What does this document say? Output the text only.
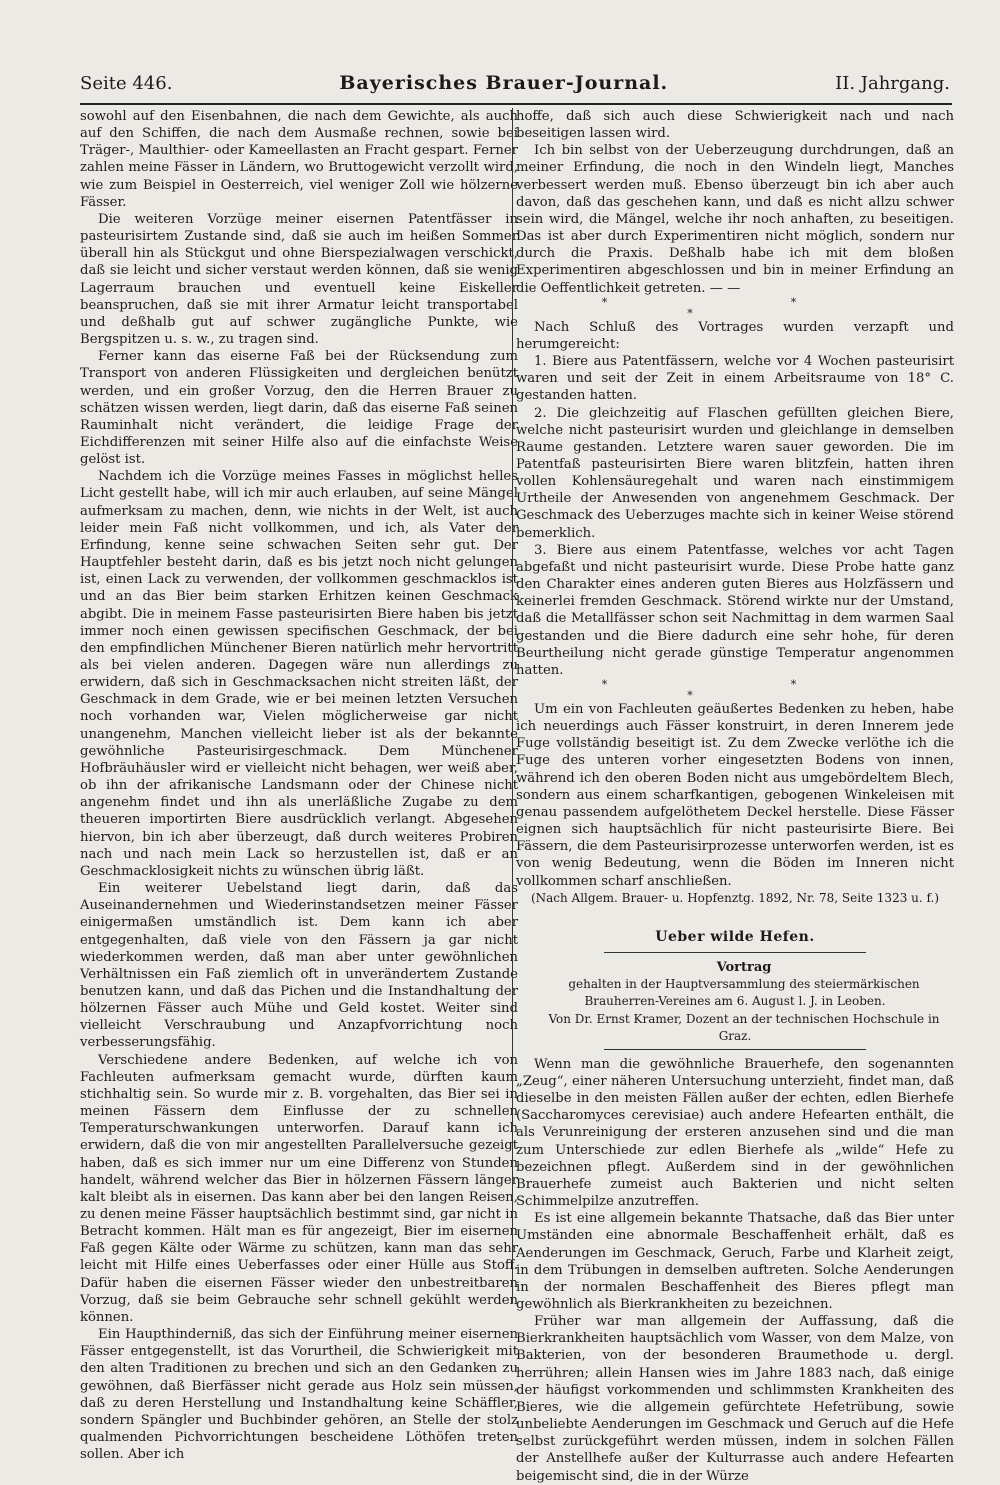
Seite 446.	Bayerisches Brauer-Journal.	II. Jahrgang.

sowohl auf den Eisenbahnen, die nach dem Gewichte, als auch auf den Schiffen, die nach dem Ausmaße rechnen, sowie bei Träger-, Maulthier- oder Kameellasten an Fracht gespart. Ferner zahlen meine Fässer in Ländern, wo Bruttogewicht verzollt wird, wie zum Beispiel in Oesterreich, viel weniger Zoll wie hölzerne Fässer.

Die weiteren Vorzüge meiner eisernen Patentfässer in pasteurisirtem Zustande sind, daß sie auch im heißen Sommer überall hin als Stückgut und ohne Bierspezialwagen verschickt, daß sie leicht und sicher verstaut werden können, daß sie wenig Lagerraum brauchen und eventuell keine Eiskeller beanspruchen, daß sie mit ihrer Armatur leicht transportabel und deßhalb gut auf schwer zugängliche Punkte, wie Bergspitzen u. s. w., zu tragen sind.

Ferner kann das eiserne Faß bei der Rücksendung zum Transport von anderen Flüssigkeiten und dergleichen benützt werden, und ein großer Vorzug, den die Herren Brauer zu schätzen wissen werden, liegt darin, daß das eiserne Faß seinen Rauminhalt nicht verändert, die leidige Frage der Eichdifferenzen mit seiner Hilfe also auf die einfachste Weise gelöst ist.

Nachdem ich die Vorzüge meines Fasses in möglichst helles Licht gestellt habe, will ich mir auch erlauben, auf seine Mängel aufmerksam zu machen, denn, wie nichts in der Welt, ist auch leider mein Faß nicht vollkommen, und ich, als Vater der Erfindung, kenne seine schwachen Seiten sehr gut. Der Hauptfehler besteht darin, daß es bis jetzt noch nicht gelungen ist, einen Lack zu verwenden, der vollkommen geschmacklos ist und an das Bier beim starken Erhitzen keinen Geschmack abgibt. Die in meinem Fasse pasteurisirten Biere haben bis jetzt immer noch einen gewissen specifischen Geschmack, der bei den empfindlichen Münchener Bieren natürlich mehr hervortritt als bei vielen anderen. Dagegen wäre nun allerdings zu erwidern, daß sich in Geschmacksachen nicht streiten läßt, der Geschmack in dem Grade, wie er bei meinen letzten Versuchen noch vorhanden war, Vielen möglicherweise gar nicht unangenehm, Manchen vielleicht lieber ist als der bekannte gewöhnliche Pasteurisirgeschmack. Dem Münchener Hofbräuhäusler wird er vielleicht nicht behagen, wer weiß aber, ob ihn der afrikanische Landsmann oder der Chinese nicht angenehm findet und ihn als unerläßliche Zugabe zu dem theueren importirten Biere ausdrücklich verlangt. Abgesehen hiervon, bin ich aber überzeugt, daß durch weiteres Probiren nach und nach mein Lack so herzustellen ist, daß er an Geschmacklosigkeit nichts zu wünschen übrig läßt.

Ein weiterer Uebelstand liegt darin, daß das Auseinandernehmen und Wiederinstandsetzen meiner Fässer einigermaßen umständlich ist. Dem kann ich aber entgegenhalten, daß viele von den Fässern ja gar nicht wiederkommen werden, daß man aber unter gewöhnlichen Verhältnissen ein Faß ziemlich oft in unverändertem Zustande benutzen kann, und daß das Pichen und die Instandhaltung der hölzernen Fässer auch Mühe und Geld kostet. Weiter sind vielleicht Verschraubung und Anzapfvorrichtung noch verbesserungsfähig.

Verschiedene andere Bedenken, auf welche ich von Fachleuten aufmerksam gemacht wurde, dürften kaum stichhaltig sein. So wurde mir z. B. vorgehalten, das Bier sei in meinen Fässern dem Einflusse der zu schnellen Temperaturschwankungen unterworfen. Darauf kann ich erwidern, daß die von mir angestellten Parallelversuche gezeigt haben, daß es sich immer nur um eine Differenz von Stunden handelt, während welcher das Bier in hölzernen Fässern länger kalt bleibt als in eisernen. Das kann aber bei den langen Reisen, zu denen meine Fässer hauptsächlich bestimmt sind, gar nicht in Betracht kommen. Hält man es für angezeigt, Bier im eisernen Faß gegen Kälte oder Wärme zu schützen, kann man das sehr leicht mit Hilfe eines Ueberfasses oder einer Hülle aus Stoff. Dafür haben die eisernen Fässer wieder den unbestreitbaren Vorzug, daß sie beim Gebrauche sehr schnell gekühlt werden können.

Ein Haupthinderniß, das sich der Einführung meiner eisernen Fässer entgegenstellt, ist das Vorurtheil, die Schwierigkeit mit den alten Traditionen zu brechen und sich an den Gedanken zu gewöhnen, daß Bierfässer nicht gerade aus Holz sein müssen, daß zu deren Herstellung und Instandhaltung keine Schäffler, sondern Spängler und Buchbinder gehören, an Stelle der stolz qualmenden Pichvorrichtungen bescheidene Löthöfen treten sollen. Aber ich

hoffe, daß sich auch diese Schwierigkeit nach und nach beseitigen lassen wird.

Ich bin selbst von der Ueberzeugung durchdrungen, daß an meiner Erfindung, die noch in den Windeln liegt, Manches verbessert werden muß. Ebenso überzeugt bin ich aber auch davon, daß das geschehen kann, und daß es nicht allzu schwer sein wird, die Mängel, welche ihr noch anhaften, zu beseitigen. Das ist aber durch Experimentiren nicht möglich, sondern nur durch die Praxis. Deßhalb habe ich mit dem bloßen Experimentiren abgeschlossen und bin in meiner Erfindung an die Oeffentlichkeit getreten. — —

* * *

Nach Schluß des Vortrages wurden verzapft und herumgereicht:

1. Biere aus Patentfässern, welche vor 4 Wochen pasteurisirt waren und seit der Zeit in einem Arbeitsraume von 18° C. gestanden hatten.

2. Die gleichzeitig auf Flaschen gefüllten gleichen Biere, welche nicht pasteurisirt wurden und gleichlange in demselben Raume gestanden. Letztere waren sauer geworden. Die im Patentfaß pasteurisirten Biere waren blitzfein, hatten ihren vollen Kohlensäuregehalt und waren nach einstimmigem Urtheile der Anwesenden von angenehmem Geschmack. Der Geschmack des Ueberzuges machte sich in keiner Weise störend bemerklich.

3. Biere aus einem Patentfasse, welches vor acht Tagen abgefaßt und nicht pasteurisirt wurde. Diese Probe hatte ganz den Charakter eines anderen guten Bieres aus Holzfässern und keinerlei fremden Geschmack. Störend wirkte nur der Umstand, daß die Metallfässer schon seit Nachmittag in dem warmen Saal gestanden und die Biere dadurch eine sehr hohe, für deren Beurtheilung nicht gerade günstige Temperatur angenommen hatten.

* * *

Um ein von Fachleuten geäußertes Bedenken zu heben, habe ich neuerdings auch Fässer konstruirt, in deren Innerem jede Fuge vollständig beseitigt ist. Zu dem Zwecke verlöthe ich die Fuge des unteren vorher eingesetzten Bodens von innen, während ich den oberen Boden nicht aus umgebördeltem Blech, sondern aus einem scharfkantigen, gebogenen Winkeleisen mit genau passendem aufgelöthetem Deckel herstelle. Diese Fässer eignen sich hauptsächlich für nicht pasteurisirte Biere. Bei Fässern, die dem Pasteurisirprozesse unterworfen werden, ist es von wenig Bedeutung, wenn die Böden im Inneren nicht vollkommen scharf anschließen.

(Nach Allgem. Brauer- u. Hopfenztg. 1892, Nr. 78, Seite 1323 u. f.)

Ueber wilde Hefen.

Vortrag

gehalten in der Hauptversammlung des steiermärkischen Brauherren-Vereines am 6. August l. J. in Leoben.

Von Dr. Ernst Kramer, Dozent an der technischen Hochschule in Graz.

Wenn man die gewöhnliche Brauerhefe, den sogenannten „Zeug“, einer näheren Untersuchung unterzieht, findet man, daß dieselbe in den meisten Fällen außer der echten, edlen Bierhefe (Saccharomyces cerevisiae) auch andere Hefearten enthält, die als Verunreinigung der ersteren anzusehen sind und die man zum Unterschiede zur edlen Bierhefe als „wilde“ Hefe zu bezeichnen pflegt. Außerdem sind in der gewöhnlichen Brauerhefe zumeist auch Bakterien und nicht selten Schimmelpilze anzutreffen.

Es ist eine allgemein bekannte Thatsache, daß das Bier unter Umständen eine abnormale Beschaffenheit erhält, daß es Aenderungen im Geschmack, Geruch, Farbe und Klarheit zeigt, in dem Trübungen in demselben auftreten. Solche Aenderungen in der normalen Beschaffenheit des Bieres pflegt man gewöhnlich als Bierkrankheiten zu bezeichnen.

Früher war man allgemein der Auffassung, daß die Bierkrankheiten hauptsächlich vom Wasser, von dem Malze, von Bakterien, von der besonderen Braumethode u. dergl. herrühren; allein Hansen wies im Jahre 1883 nach, daß einige der häufigst vorkommenden und schlimmsten Krankheiten des Bieres, wie die allgemein gefürchtete Hefetrübung, sowie unbeliebte Aenderungen im Geschmack und Geruch auf die Hefe selbst zurückgeführt werden müssen, indem in solchen Fällen der Anstellhefe außer der Kulturrasse auch andere Hefearten beigemischt sind, die in der Würze
